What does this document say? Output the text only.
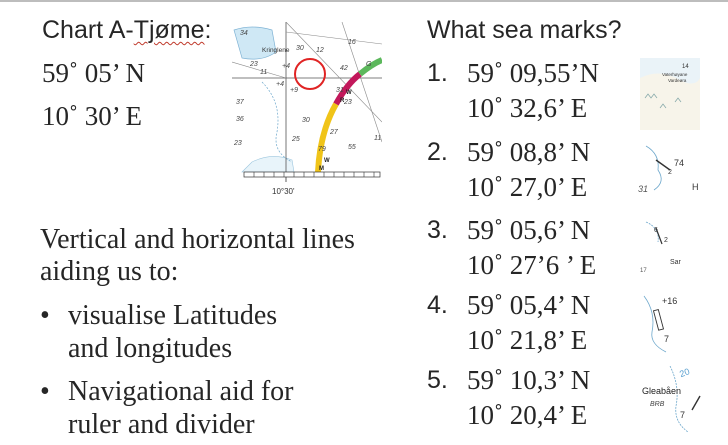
Chart A-Tjøme:
59˚ 05’ N
10˚ 30’ E
34
30 12
16
23
11
+4	42
G
+9	31
37	23
36	30
27
23
25
79	55
11
+4
Kringlene
M
W
R
W
10°30'
Vertical and horizontal lines aiding us to:
• visualise Latitudes
and longitudes
• Navigational aid for
ruler and divider
What sea marks?
1. 59˚ 09,55’N
10˚ 32,6’ E
14
Vaterhøyane
Vardeøra
2. 59˚ 08,8’ N
10˚ 27,0’ E
74
2
31	H
3. 59˚ 05,6’ N
10˚ 27’6 ’ E
6
2
Sar
17
4. 59˚ 05,4’ N
10˚ 21,8’ E
+16
7
5. 59˚ 10,3’ N
10˚ 20,4’ E
20
Gleabåen
BRB
7
